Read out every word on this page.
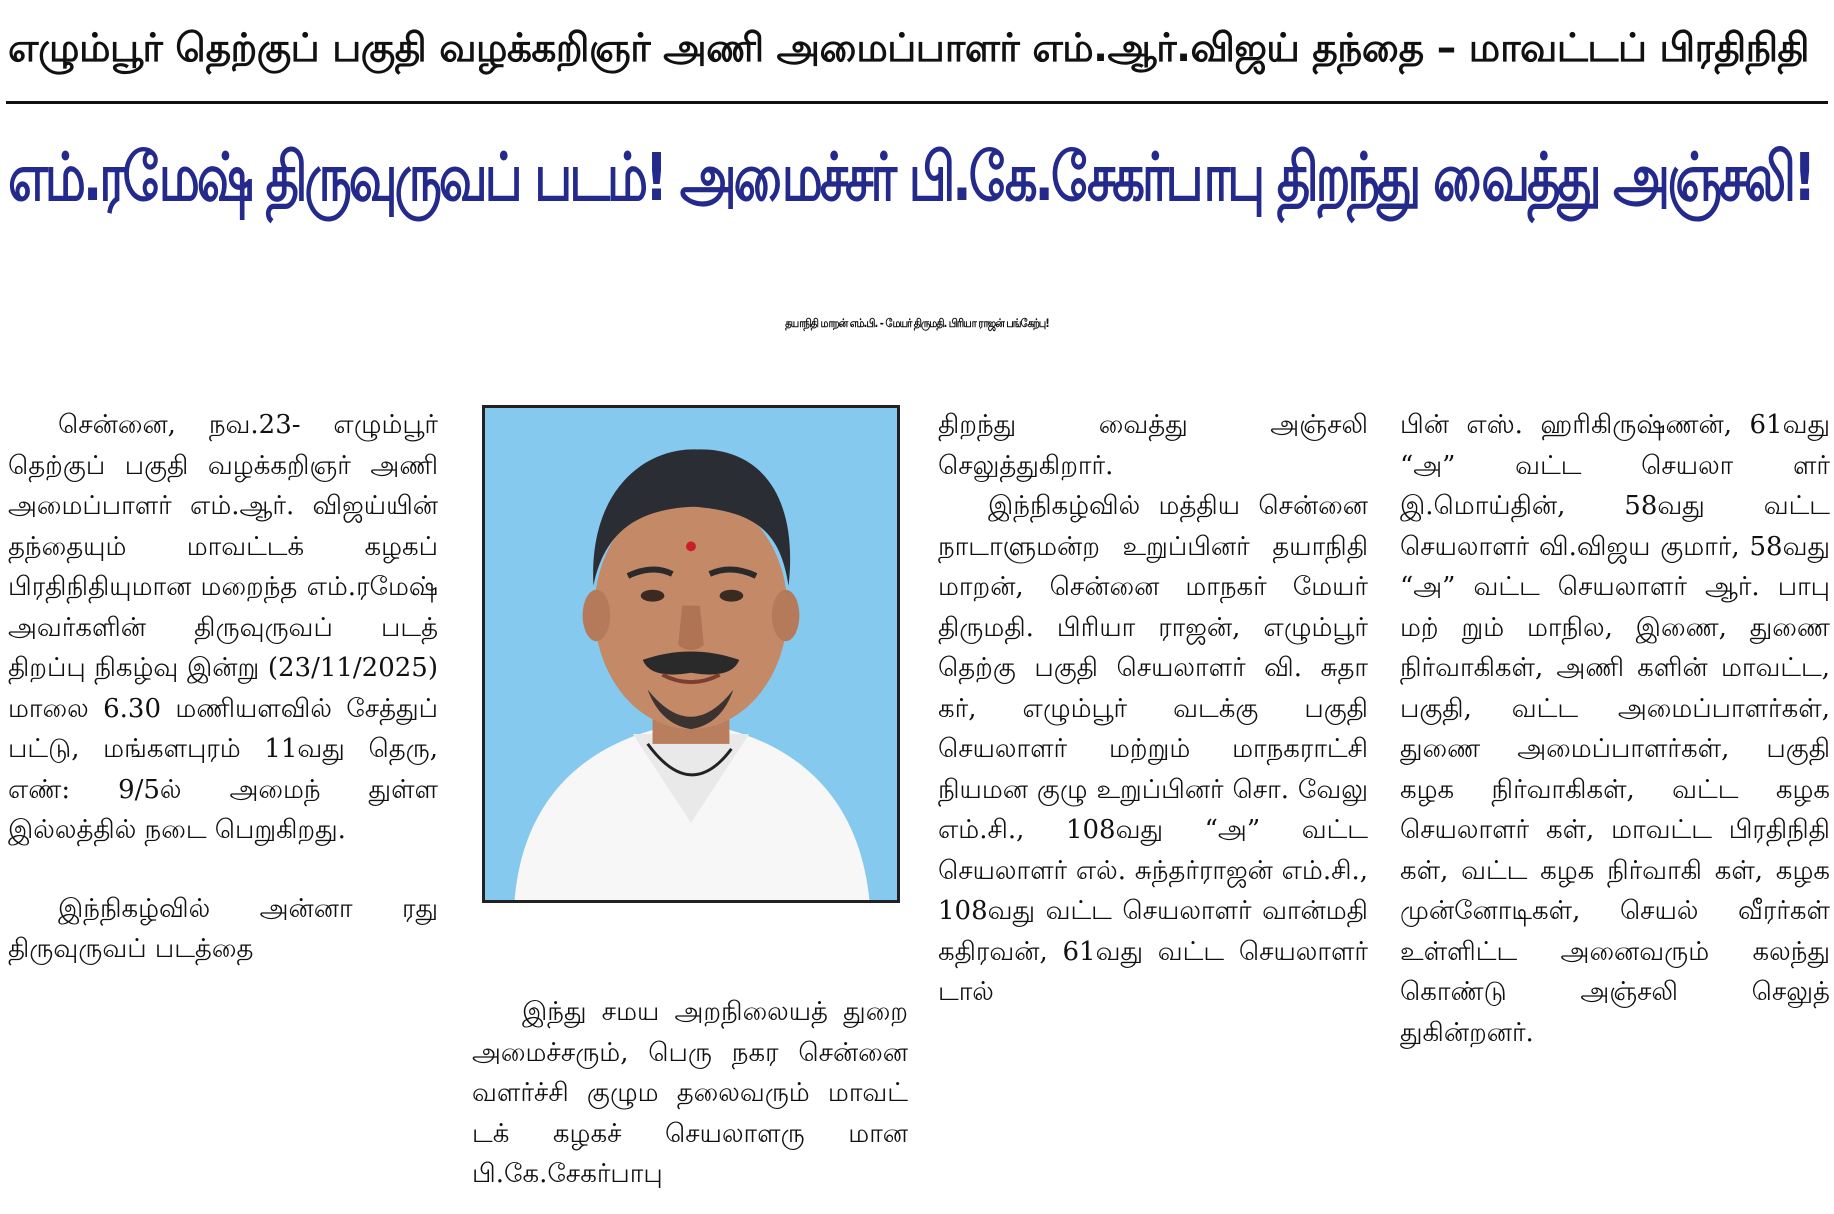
எழும்பூர் தெற்குப் பகுதி வழக்கறிஞர் அணி அமைப்பாளர் எம்.ஆர்.விஜய் தந்தை – மாவட்டப் பிரதிநிதி
எம்.ரமேஷ் திருவுருவப் படம்! அமைச்சர் பி.கே.சேகர்பாபு திறந்து வைத்து அஞ்சலி!
தயாநிதி மாறன் எம்.பி. - மேயர் திருமதி. பிரியா ராஜன் பங்கேற்பு!
சென்னை, நவ.23- எழும்பூர் தெற்குப் பகுதி வழக்கறிஞர் அணி அமைப்பாளர் எம்.ஆர். விஜய்யின் தந்தையும் மாவட்டக் கழகப் பிரதிநிதியுமான மறைந்த எம்.ரமேஷ் அவர்களின் திருவுருவப் படத் திறப்பு நிகழ்வு இன்று (23/11/2025) மாலை 6.30 மணியளவில் சேத்துப் பட்டு, மங்களபுரம் 11வது தெரு, எண்: 9/5ல் அமைந் துள்ள இல்லத்தில் நடை பெறுகிறது.
இந்நிகழ்வில் அன்னா ரது திருவுருவப் படத்தை
இந்து சமய அறநிலையத் துறை அமைச்சரும், பெரு நகர சென்னை வளர்ச்சி குழும தலைவரும் மாவட் டக் கழகச் செயலாளரு மான பி.கே.சேகர்பாபு
திறந்து வைத்து அஞ்சலி செலுத்துகிறார்.
இந்நிகழ்வில் மத்திய சென்னை நாடாளுமன்ற உறுப்பினர் தயாநிதி மாறன், சென்னை மாநகர் மேயர் திருமதி. பிரியா ராஜன், எழும்பூர் தெற்கு பகுதி செயலாளர் வி. சுதா கர், எழும்பூர் வடக்கு பகுதி செயலாளர் மற்றும் மாநகராட்சி நியமன குழு உறுப்பினர் சொ. வேலு எம்.சி., 108வது “அ” வட்ட செயலாளர் எல். சுந்தர்ராஜன் எம்.சி., 108வது வட்ட செயலாளர் வான்மதி கதிரவன், 61வது வட்ட செயலாளர் டால்
பின் எஸ். ஹரிகிருஷ்ணன், 61வது “அ” வட்ட செயலா ளர் இ.மொய்தின், 58வது வட்ட செயலாளர் வி.விஜய குமார், 58வது “அ” வட்ட செயலாளர் ஆர். பாபு மற் றும் மாநில, இணை, துணை நிர்வாகிகள், அணி களின் மாவட்ட, பகுதி, வட்ட அமைப்பாளர்கள், துணை அமைப்பாளர்கள், பகுதி கழக நிர்வாகிகள், வட்ட கழக செயலாளர் கள், மாவட்ட பிரதிநிதி கள், வட்ட கழக நிர்வாகி கள், கழக முன்னோடிகள், செயல் வீரர்கள் உள்ளிட்ட அனைவரும் கலந்து கொண்டு அஞ்சலி செலுத் துகின்றனர்.
